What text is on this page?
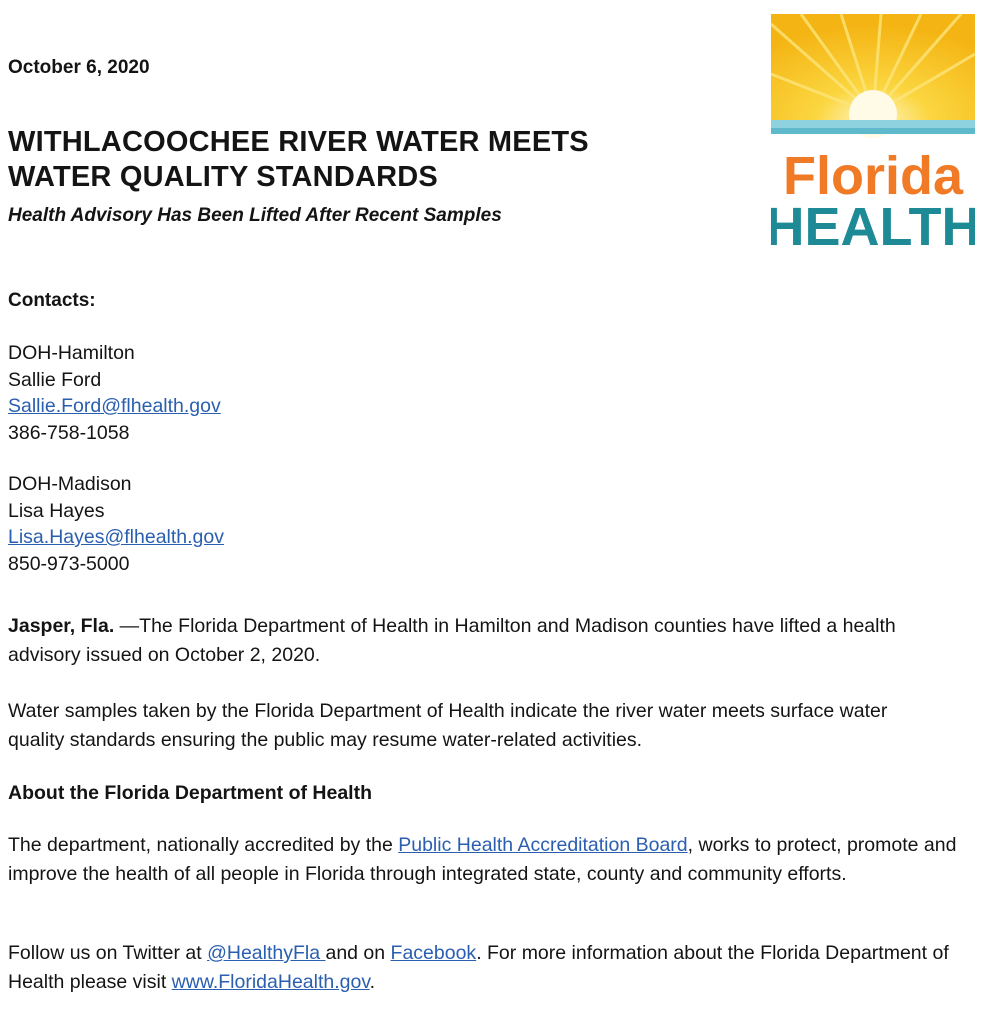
October 6, 2020
WITHLACOOCHEE RIVER WATER MEETS
WATER QUALITY STANDARDS
Health Advisory Has Been Lifted After Recent Samples
Florida
HEALTH
Contacts:
DOH-Hamilton
Sallie Ford
Sallie.Ford@flhealth.gov
386-758-1058
DOH-Madison
Lisa Hayes
Lisa.Hayes@flhealth.gov
850-973-5000
Jasper, Fla. —The Florida Department of Health in Hamilton and Madison counties have lifted a health advisory issued on October 2, 2020.
Water samples taken by the Florida Department of Health indicate the river water meets surface water quality standards ensuring the public may resume water-related activities.
About the Florida Department of Health
The department, nationally accredited by the Public Health Accreditation Board, works to protect, promote and improve the health of all people in Florida through integrated state, county and community efforts.
Follow us on Twitter at @HealthyFla and on Facebook. For more information about the Florida Department of Health please visit www.FloridaHealth.gov.
